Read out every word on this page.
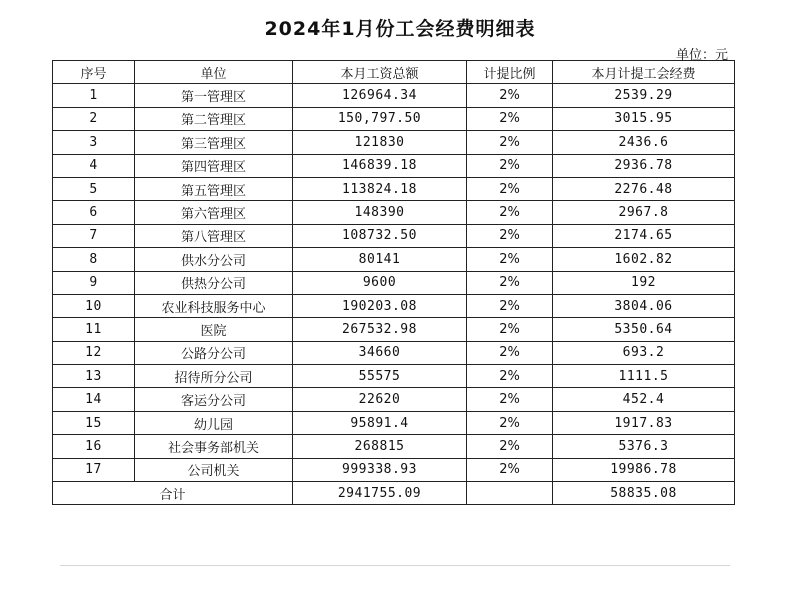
2024年1月份工会经费明细表
单位：元
序号	单位	本月工资总额	计提比例	本月计提工会经费
1	第一管理区	126964.34	2%	2539.29
2	第二管理区	150,797.50	2%	3015.95
3	第三管理区	121830	2%	2436.6
4	第四管理区	146839.18	2%	2936.78
5	第五管理区	113824.18	2%	2276.48
6	第六管理区	148390	2%	2967.8
7	第八管理区	108732.50	2%	2174.65
8	供水分公司	80141	2%	1602.82
9	供热分公司	9600	2%	192
10	农业科技服务中心	190203.08	2%	3804.06
11	医院	267532.98	2%	5350.64
12	公路分公司	34660	2%	693.2
13	招待所分公司	55575	2%	1111.5
14	客运分公司	22620	2%	452.4
15	幼儿园	95891.4	2%	1917.83
16	社会事务部机关	268815	2%	5376.3
17	公司机关	999338.93	2%	19986.78
合计		2941755.09		58835.08
